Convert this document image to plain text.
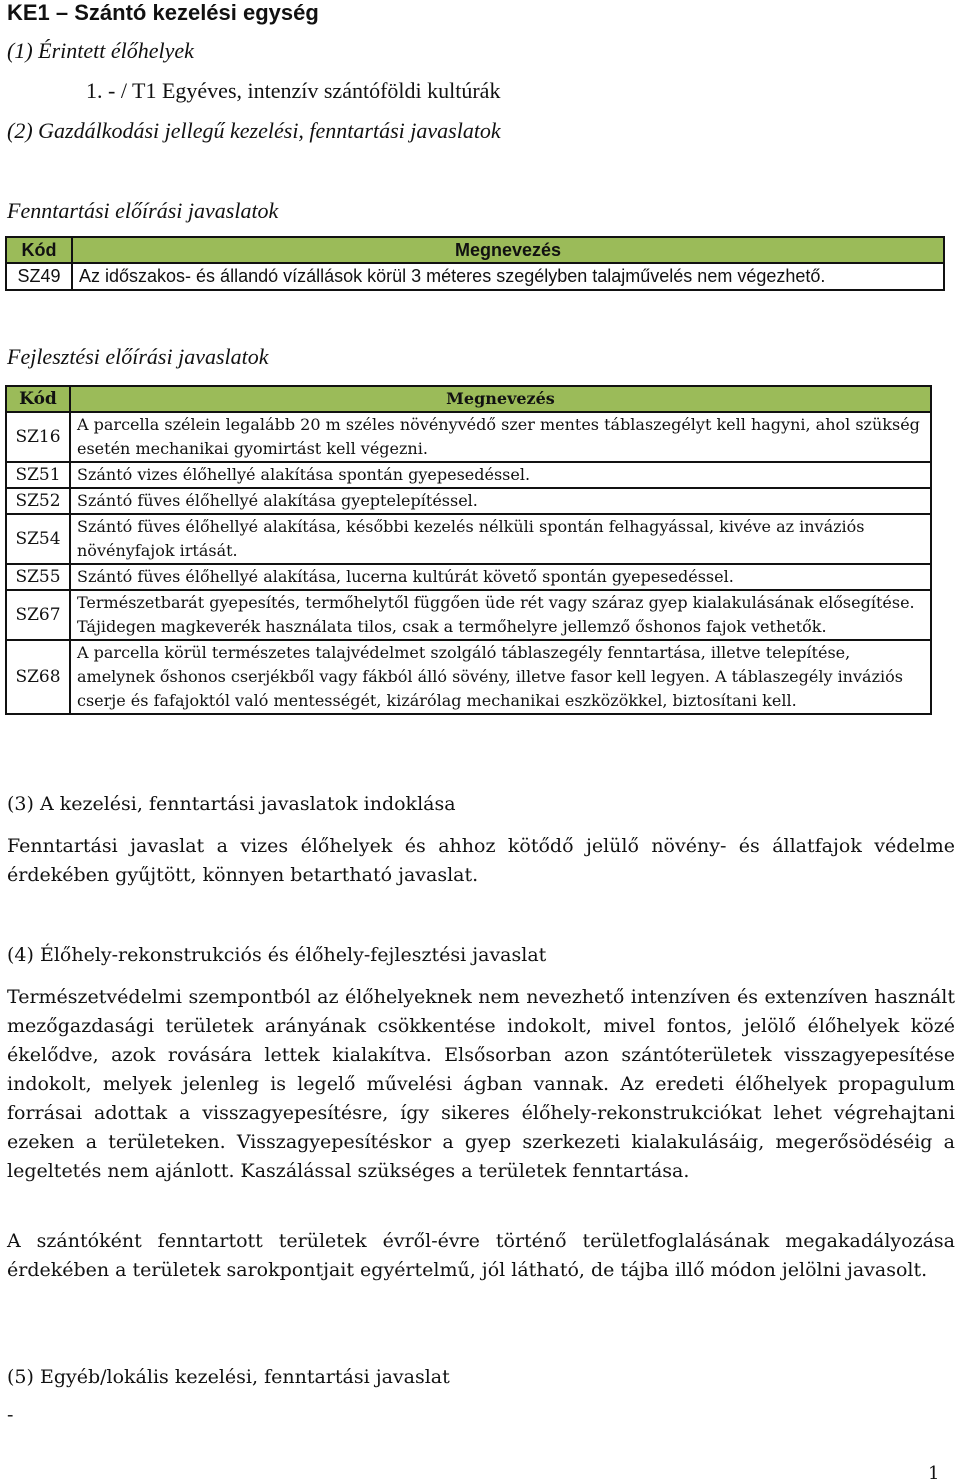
KE1 – Szántó kezelési egység
(1) Érintett élőhelyek
1. - / T1 Egyéves, intenzív szántóföldi kultúrák
(2) Gazdálkodási jellegű kezelési, fenntartási javaslatok
Fenntartási előírási javaslatok
Kód	Megnevezés
SZ49	Az időszakos- és állandó vízállások körül 3 méteres szegélyben talajművelés nem végezhető.
Fejlesztési előírási javaslatok
Kód	Megnevezés
SZ16	A parcella szélein legalább 20 m széles növényvédő szer mentes táblaszegélyt kell hagyni, ahol szükség esetén mechanikai gyomirtást kell végezni.
SZ51	Szántó vizes élőhellyé alakítása spontán gyepesedéssel.
SZ52	Szántó füves élőhellyé alakítása gyeptelepítéssel.
SZ54	Szántó füves élőhellyé alakítása, későbbi kezelés nélküli spontán felhagyással, kivéve az inváziós növényfajok irtását.
SZ55	Szántó füves élőhellyé alakítása, lucerna kultúrát követő spontán gyepesedéssel.
SZ67	Természetbarát gyepesítés, termőhelytől függően üde rét vagy száraz gyep kialakulásának elősegítése. Tájidegen magkeverék használata tilos, csak a termőhelyre jellemző őshonos fajok vethetők.
SZ68	A parcella körül természetes talajvédelmet szolgáló táblaszegély fenntartása, illetve telepítése, amelynek őshonos cserjékből vagy fákból álló sövény, illetve fasor kell legyen. A táblaszegély inváziós cserje és fafajoktól való mentességét, kizárólag mechanikai eszközökkel, biztosítani kell.
(3) A kezelési, fenntartási javaslatok indoklása
Fenntartási javaslat a vizes élőhelyek és ahhoz kötődő jelülő növény- és állatfajok védelme érdekében gyűjtött, könnyen betartható javaslat.
(4) Élőhely-rekonstrukciós és élőhely-fejlesztési javaslat
Természetvédelmi szempontból az élőhelyeknek nem nevezhető intenzíven és extenzíven használt mezőgazdasági területek arányának csökkentése indokolt, mivel fontos, jelölő élőhelyek közé ékelődve, azok rovására lettek kialakítva. Elsősorban azon szántóterületek visszagyepesítése indokolt, melyek jelenleg is legelő művelési ágban vannak. Az eredeti élőhelyek propagulum forrásai adottak a visszagyepesítésre, így sikeres élőhely-rekonstrukciókat lehet végrehajtani ezeken a területeken. Visszagyepesítéskor a gyep szerkezeti kialakulásáig, megerősödéséig a legeltetés nem ajánlott. Kaszálással szükséges a területek fenntartása.
A szántóként fenntartott területek évről-évre történő területfoglalásának megakadályozása érdekében a területek sarokpontjait egyértelmű, jól látható, de tájba illő módon jelölni javasolt.
(5) Egyéb/lokális kezelési, fenntartási javaslat
-
1
